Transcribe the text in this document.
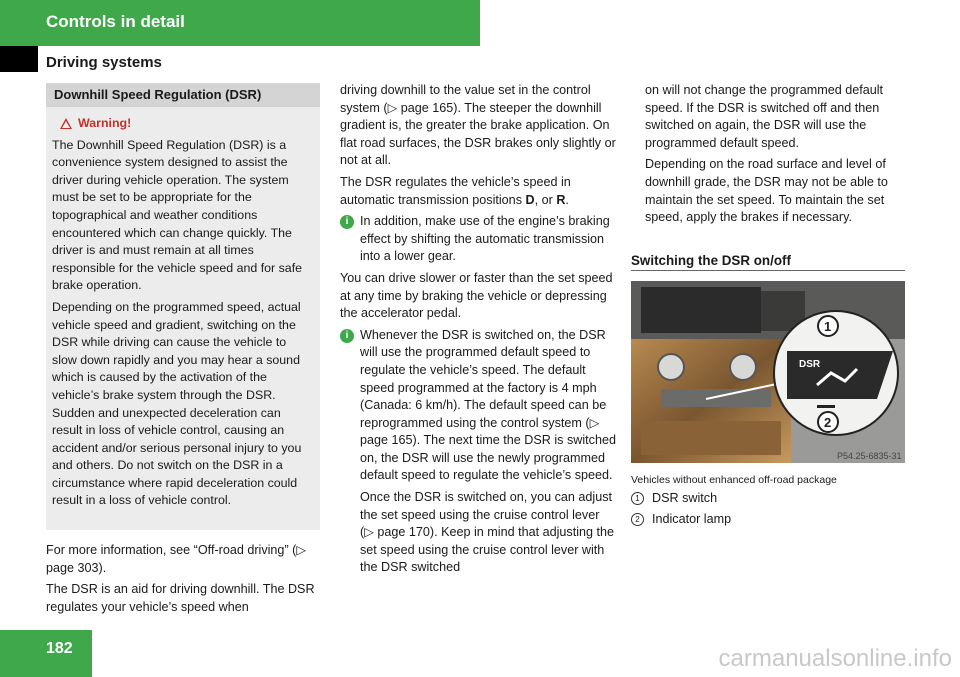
Controls in detail
Driving systems
Downhill Speed Regulation (DSR)
Warning!

The Downhill Speed Regulation (DSR) is a convenience system designed to assist the driver during vehicle operation. The system must be set to be appropriate for the topographical and weather conditions encountered which can change quickly. The driver is and must remain at all times responsible for the vehicle speed and for safe brake operation.

Depending on the programmed speed, actual vehicle speed and gradient, switching on the DSR while driving can cause the vehicle to slow down rapidly and you may hear a sound which is caused by the activation of the vehicle’s brake system through the DSR. Sudden and unexpected deceleration can result in loss of vehicle control, causing an accident and/or serious personal injury to you and others. Do not switch on the DSR in a circumstance where rapid deceleration could result in a loss of vehicle control.

For more information, see “Off-road driving” (▷ page 303).

The DSR is an aid for driving downhill. The DSR regulates your vehicle’s speed when

driving downhill to the value set in the control system (▷ page 165). The steeper the downhill gradient is, the greater the brake application. On flat road surfaces, the DSR brakes only slightly or not at all.

The DSR regulates the vehicle’s speed in automatic transmission positions D, or R.

i In addition, make use of the engine’s braking effect by shifting the automatic transmission into a lower gear.

You can drive slower or faster than the set speed at any time by braking the vehicle or depressing the accelerator pedal.

i Whenever the DSR is switched on, the DSR will use the programmed default speed to regulate the vehicle’s speed. The default speed programmed at the factory is 4 mph (Canada: 6 km/h). The default speed can be reprogrammed using the control system (▷ page 165). The next time the DSR is switched on, the DSR will use the newly programmed default speed to regulate the vehicle’s speed.

Once the DSR is switched on, you can adjust the set speed using the cruise control lever (▷ page 170). Keep in mind that adjusting the set speed using the cruise control lever with the DSR switched

on will not change the programmed default speed. If the DSR is switched off and then switched on again, the DSR will use the programmed default speed.

Depending on the road surface and level of downhill grade, the DSR may not be able to maintain the set speed. To maintain the set speed, apply the brakes if necessary.

Switching the DSR on/off
DSR
1
2
P54.25-6835-31
Vehicles without enhanced off-road package
1 DSR switch
2 Indicator lamp
182	carmanualsonline.info
